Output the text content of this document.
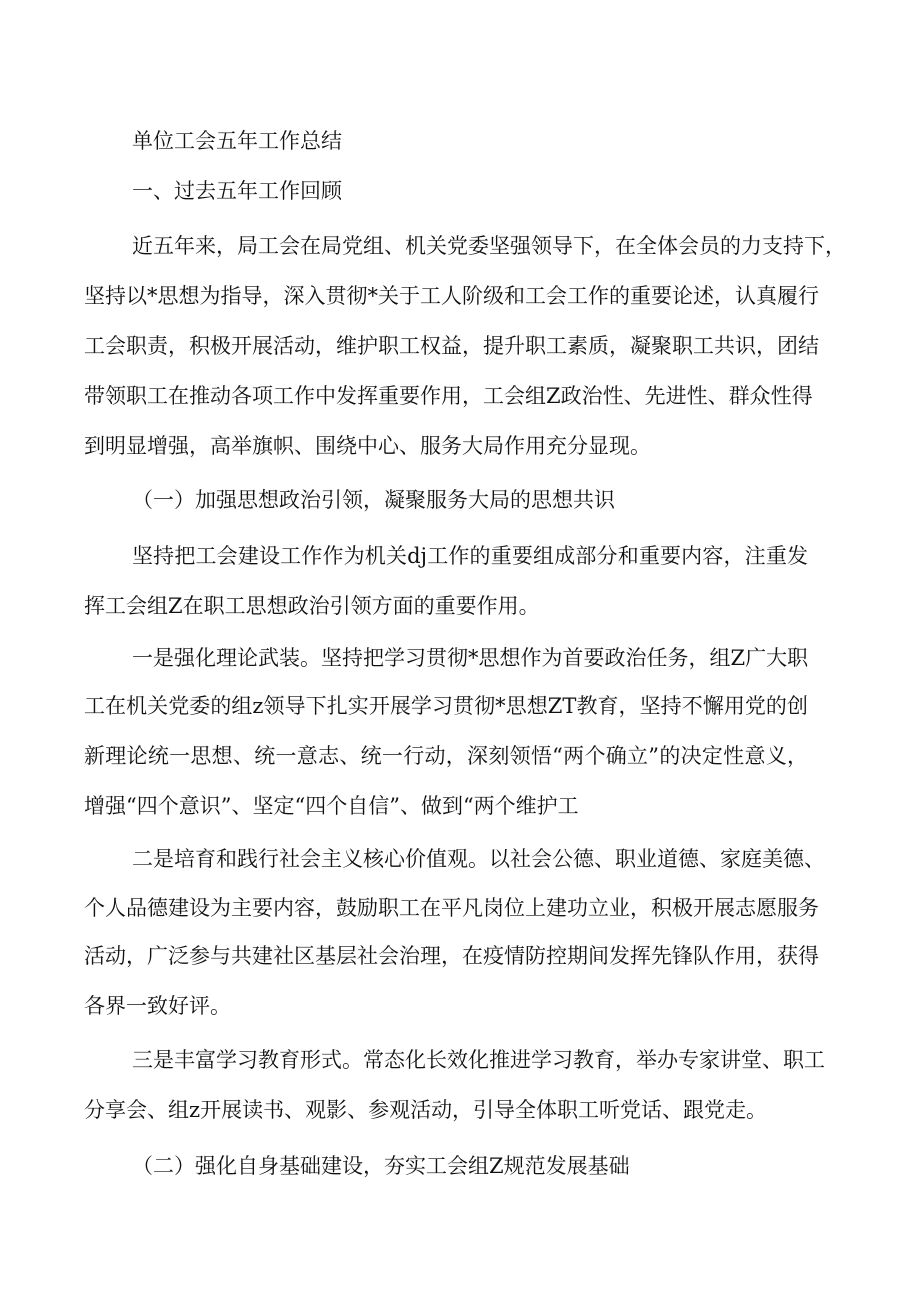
单位工会五年工作总结
一、过去五年工作回顾
近五年来，局工会在局党组、机关党委坚强领导下，在全体会员的力支持下，
坚持以*思想为指导，深入贯彻*关于工人阶级和工会工作的重要论述，认真履行
工会职责，积极开展活动，维护职工权益，提升职工素质，凝聚职工共识，团结
带领职工在推动各项工作中发挥重要作用，工会组Z政治性、先进性、群众性得
到明显增强，高举旗帜、围绕中心、服务大局作用充分显现。
（一）加强思想政治引领，凝聚服务大局的思想共识
坚持把工会建设工作作为机关dj工作的重要组成部分和重要内容，注重发
挥工会组Z在职工思想政治引领方面的重要作用。
一是强化理论武装。坚持把学习贯彻*思想作为首要政治任务，组Z广大职
工在机关党委的组z领导下扎实开展学习贯彻*思想ZT教育，坚持不懈用党的创
新理论统一思想、统一意志、统一行动，深刻领悟“两个确立”的决定性意义，
增强“四个意识”、坚定“四个自信”、做到“两个维护工
二是培育和践行社会主义核心价值观。以社会公德、职业道德、家庭美德、
个人品德建设为主要内容，鼓励职工在平凡岗位上建功立业，积极开展志愿服务
活动，广泛参与共建社区基层社会治理，在疫情防控期间发挥先锋队作用，获得
各界一致好评。
三是丰富学习教育形式。常态化长效化推进学习教育，举办专家讲堂、职工
分享会、组z开展读书、观影、参观活动，引导全体职工听党话、跟党走。
（二）强化自身基础建设，夯实工会组Z规范发展基础
